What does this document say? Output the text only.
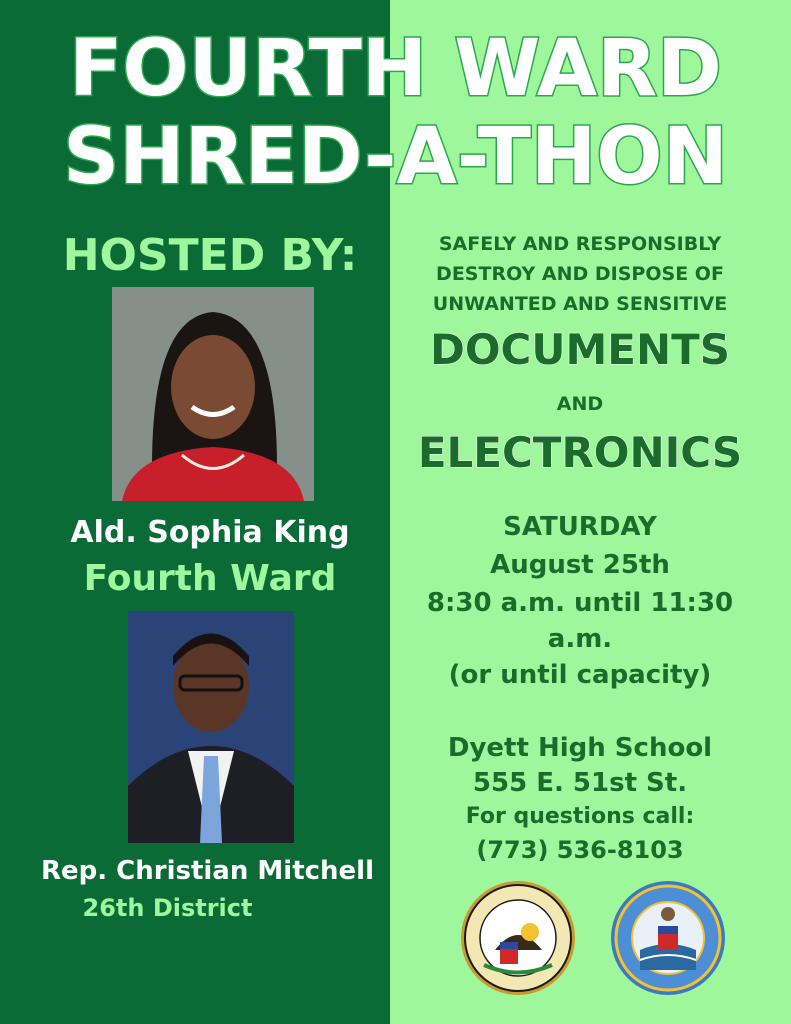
FOURTH WARD
SHRED-A-THON
HOSTED BY:
Ald. Sophia King
Fourth Ward
Rep. Christian Mitchell
26th District
SAFELY AND RESPONSIBLY
DESTROY AND DISPOSE OF
UNWANTED AND SENSITIVE
DOCUMENTS
AND
ELECTRONICS
SATURDAY
August 25th
8:30 a.m. until 11:30
a.m.
(or until capacity)
Dyett High School
555 E. 51st St.
For questions call:
(773) 536-8103
